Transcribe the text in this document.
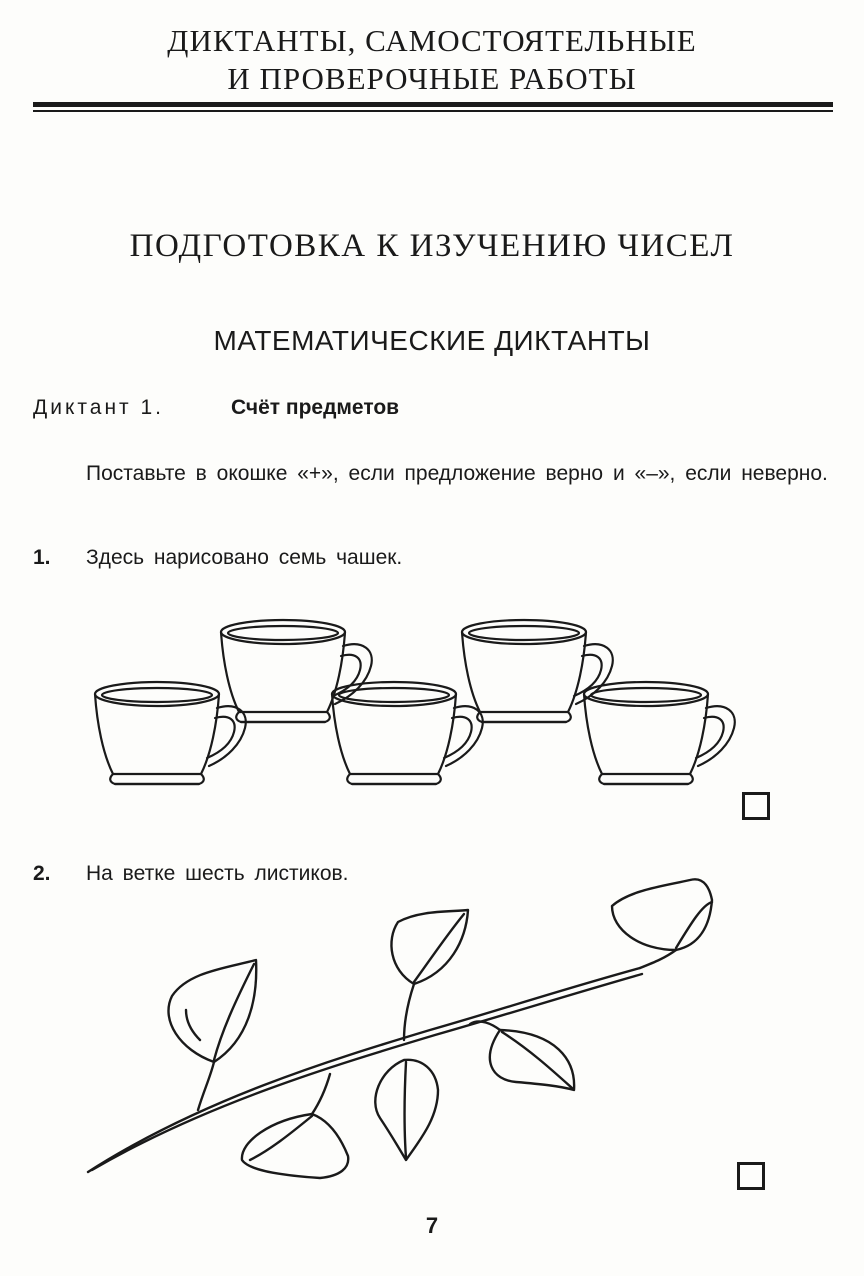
ДИКТАНТЫ, САМОСТОЯТЕЛЬНЫЕ
И ПРОВЕРОЧНЫЕ РАБОТЫ
ПОДГОТОВКА К ИЗУЧЕНИЮ ЧИСЕЛ
МАТЕМАТИЧЕСКИЕ ДИКТАНТЫ
Диктант 1.	Счёт предметов
Поставьте в окошке «+», если предложение верно и «–», если неверно.
1. Здесь нарисовано семь чашек.
2. На ветке шесть листиков.
7
